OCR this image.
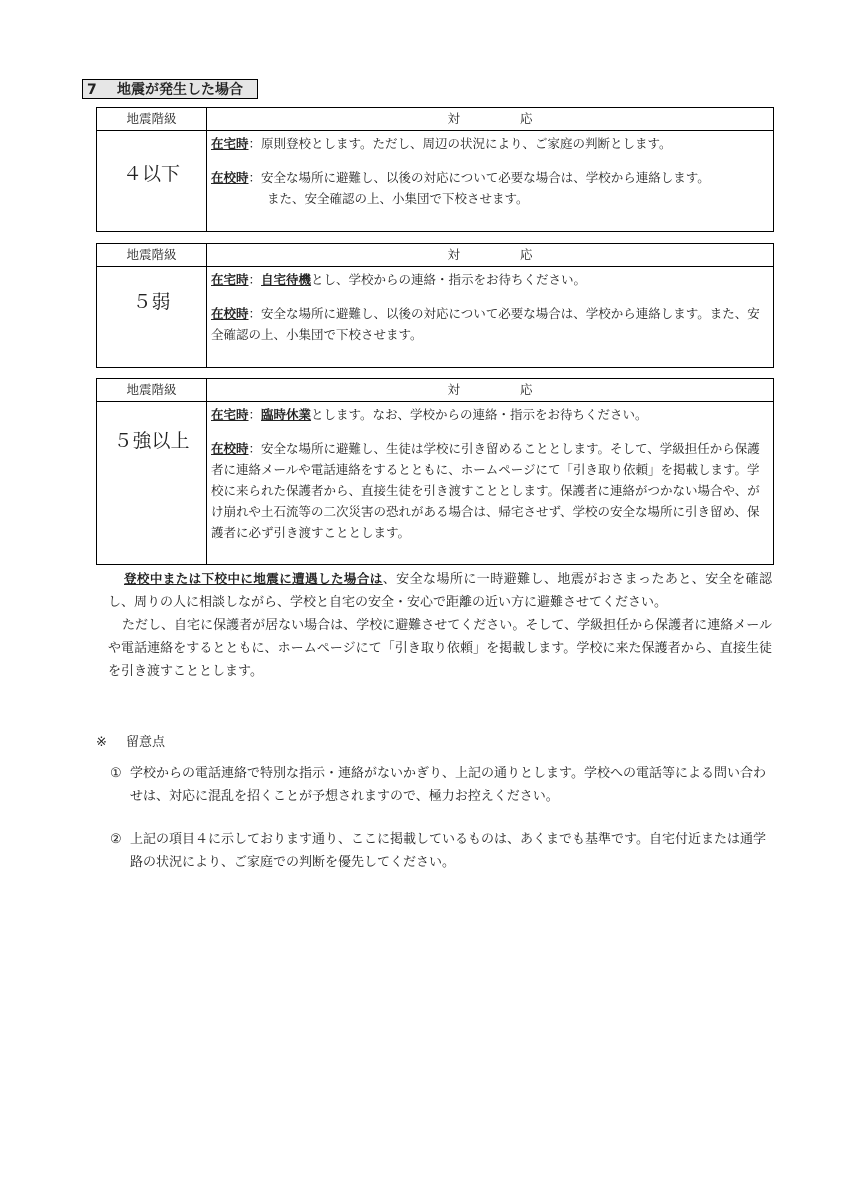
7 地震が発生した場合
地震階級	対 応

４以下	在宅時：原則登校とします。ただし、周辺の状況により、ご家庭の判断とします。

在校時：安全な場所に避難し、以後の対応について必要な場合は、学校から連絡します。

また、安全確認の上、小集団で下校させます。

地震階級	対 応

５弱	在宅時：自宅待機とし、学校からの連絡・指示をお待ちください。

在校時：安全な場所に避難し、以後の対応について必要な場合は、学校から連絡します。また、安全確認の上、小集団で下校させます。

地震階級	対 応

５強以上	在宅時：臨時休業とします。なお、学校からの連絡・指示をお待ちください。

在校時：安全な場所に避難し、生徒は学校に引き留めることとします。そして、学級担任から保護者に連絡メールや電話連絡をするとともに、ホームページにて「引き取り依頼」を掲載します。学校に来られた保護者から、直接生徒を引き渡すこととします。保護者に連絡がつかない場合や、がけ崩れや土石流等の二次災害の恐れがある場合は、帰宅させず、学校の安全な場所に引き留め、保護者に必ず引き渡すこととします。

登校中または下校中に地震に遭遇した場合は、安全な場所に一時避難し、地震がおさまったあと、安全を確認し、周りの人に相談しながら、学校と自宅の安全・安心で距離の近い方に避難させてください。

ただし、自宅に保護者が居ない場合は、学校に避難させてください。そして、学級担任から保護者に連絡メールや電話連絡をするとともに、ホームページにて「引き取り依頼」を掲載します。学校に来た保護者から、直接生徒を引き渡すこととします。

※ 留意点

① 学校からの電話連絡で特別な指示・連絡がないかぎり、上記の通りとします。学校への電話等による問い合わせは、対応に混乱を招くことが予想されますので、極力お控えください。

② 上記の項目４に示しております通り、ここに掲載しているものは、あくまでも基準です。自宅付近または通学路の状況により、ご家庭での判断を優先してください。
